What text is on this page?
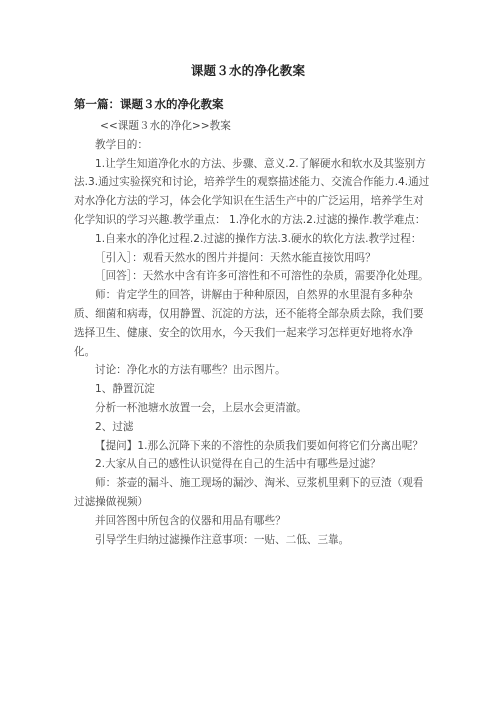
课题３水的净化教案
第一篇：课题３水的净化教案

<<课题３水的净化>>教案

教学目的：

1.让学生知道净化水的方法、步骤、意义.2.了解硬水和软水及其鉴别方法.3.通过实验探究和讨论，培养学生的观察描述能力、交流合作能力.4.通过对水净化方法的学习，体会化学知识在生活生产中的广泛运用，培养学生对化学知识的学习兴趣.教学重点： 1.净化水的方法.2.过滤的操作.教学难点：

1.自来水的净化过程.2.过滤的操作方法.3.硬水的软化方法.教学过程：

［引入］：观看天然水的图片并提问：天然水能直接饮用吗？

［回答］：天然水中含有许多可溶性和不可溶性的杂质，需要净化处理。

师：肯定学生的回答，讲解由于种种原因，自然界的水里混有多种杂质、细菌和病毒，仅用静置、沉淀的方法，还不能将全部杂质去除，我们要选择卫生、健康、安全的饮用水，今天我们一起来学习怎样更好地将水净化。

讨论：净化水的方法有哪些？出示图片。

1、静置沉淀

分析一杯池塘水放置一会，上层水会更清澈。

2、过滤

【提问】1.那么沉降下来的不溶性的杂质我们要如何将它们分离出呢？

2.大家从自己的感性认识觉得在自己的生活中有哪些是过滤？

师：茶壶的漏斗、施工现场的漏沙、淘米、豆浆机里剩下的豆渣（观看过滤操做视频）

并回答图中所包含的仪器和用品有哪些？

引导学生归纳过滤操作注意事项：一贴、二低、三靠。
